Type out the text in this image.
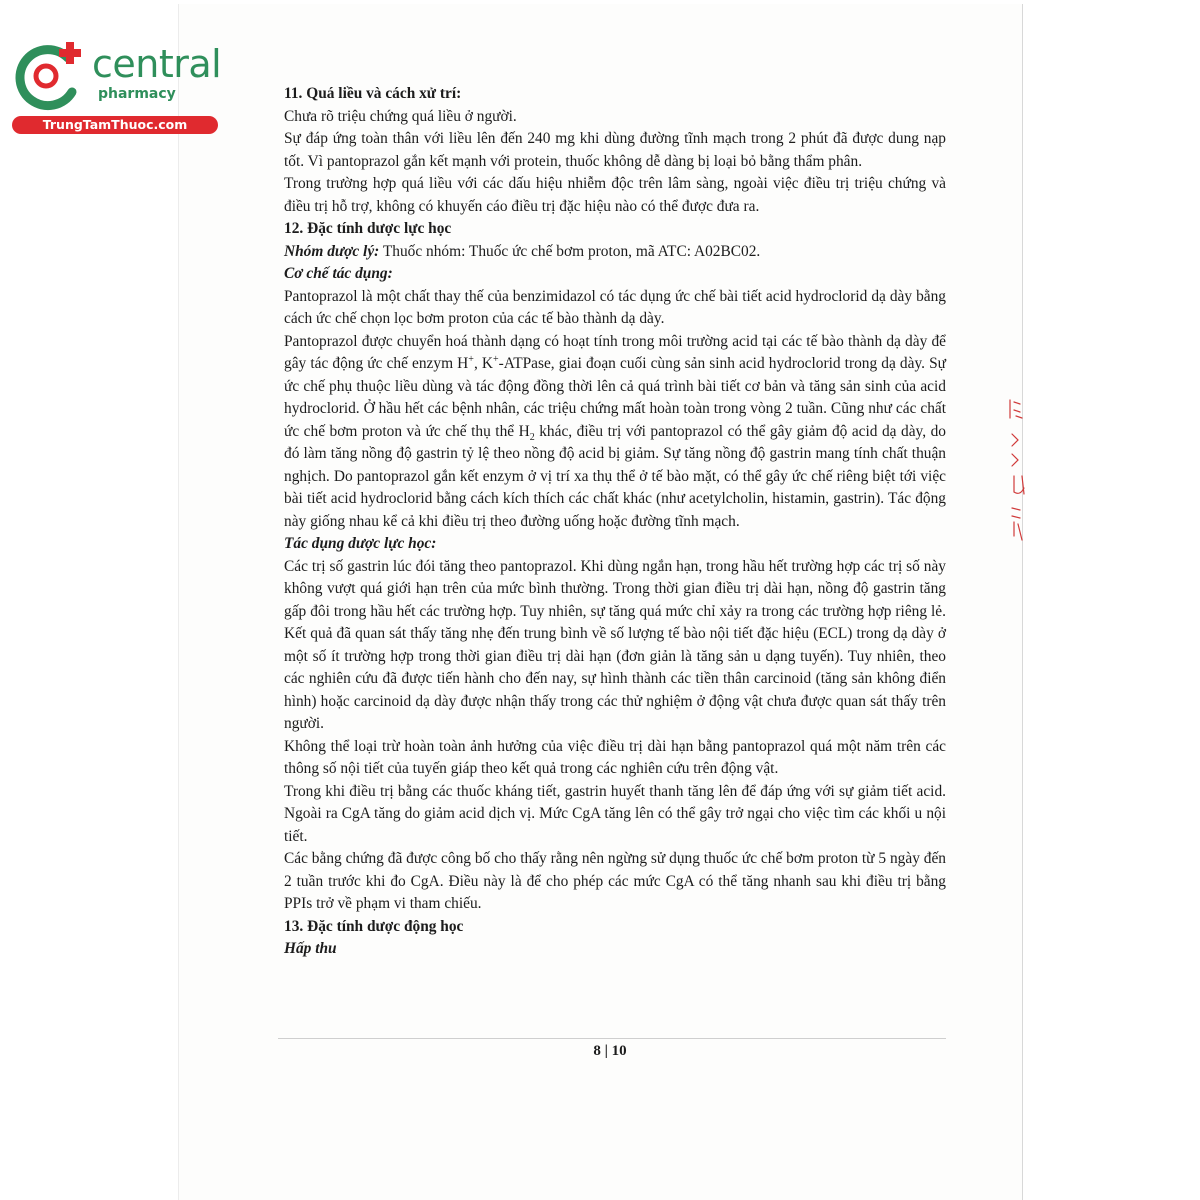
central
pharmacy
TrungTamThuoc.com
11. Quá liều và cách xử trí:

Chưa rõ triệu chứng quá liều ở người.

Sự đáp ứng toàn thân với liều lên đến 240 mg khi dùng đường tĩnh mạch trong 2 phút đã được dung nạp tốt. Vì pantoprazol gắn kết mạnh với protein, thuốc không dễ dàng bị loại bỏ bằng thẩm phân.

Trong trường hợp quá liều với các dấu hiệu nhiễm độc trên lâm sàng, ngoài việc điều trị triệu chứng và điều trị hỗ trợ, không có khuyến cáo điều trị đặc hiệu nào có thể được đưa ra.

12. Đặc tính dược lực học

Nhóm dược lý: Thuốc nhóm: Thuốc ức chế bơm proton, mã ATC: A02BC02.

Cơ chế tác dụng:

Pantoprazol là một chất thay thế của benzimidazol có tác dụng ức chế bài tiết acid hydroclorid dạ dày bằng cách ức chế chọn lọc bơm proton của các tế bào thành dạ dày.

Pantoprazol được chuyển hoá thành dạng có hoạt tính trong môi trường acid tại các tế bào thành dạ dày để gây tác động ức chế enzym H+, K+-ATPase, giai đoạn cuối cùng sản sinh acid hydroclorid trong dạ dày. Sự ức chế phụ thuộc liều dùng và tác động đồng thời lên cả quá trình bài tiết cơ bản và tăng sản sinh của acid hydroclorid. Ở hầu hết các bệnh nhân, các triệu chứng mất hoàn toàn trong vòng 2 tuần. Cũng như các chất ức chế bơm proton và ức chế thụ thể $H_2$ khác, điều trị với pantoprazol có thể gây giảm độ acid dạ dày, do đó làm tăng nồng độ gastrin tỷ lệ theo nồng độ acid bị giảm. Sự tăng nồng độ gastrin mang tính chất thuận nghịch. Do pantoprazol gắn kết enzym ở vị trí xa thụ thể ở tế bào mặt, có thể gây ức chế riêng biệt tới việc bài tiết acid hydroclorid bằng cách kích thích các chất khác (như acetylcholin, histamin, gastrin). Tác động này giống nhau kể cả khi điều trị theo đường uống hoặc đường tĩnh mạch.

Tác dụng dược lực học:

Các trị số gastrin lúc đói tăng theo pantoprazol. Khi dùng ngắn hạn, trong hầu hết trường hợp các trị số này không vượt quá giới hạn trên của mức bình thường. Trong thời gian điều trị dài hạn, nồng độ gastrin tăng gấp đôi trong hầu hết các trường hợp. Tuy nhiên, sự tăng quá mức chỉ xảy ra trong các trường hợp riêng lẻ. Kết quả đã quan sát thấy tăng nhẹ đến trung bình về số lượng tế bào nội tiết đặc hiệu (ECL) trong dạ dày ở một số ít trường hợp trong thời gian điều trị dài hạn (đơn giản là tăng sản u dạng tuyến). Tuy nhiên, theo các nghiên cứu đã được tiến hành cho đến nay, sự hình thành các tiền thân carcinoid (tăng sản không điển hình) hoặc carcinoid dạ dày được nhận thấy trong các thử nghiệm ở động vật chưa được quan sát thấy trên người.

Không thể loại trừ hoàn toàn ảnh hưởng của việc điều trị dài hạn bằng pantoprazol quá một năm trên các thông số nội tiết của tuyến giáp theo kết quả trong các nghiên cứu trên động vật.

Trong khi điều trị bằng các thuốc kháng tiết, gastrin huyết thanh tăng lên để đáp ứng với sự giảm tiết acid. Ngoài ra CgA tăng do giảm acid dịch vị. Mức CgA tăng lên có thể gây trở ngại cho việc tìm các khối u nội tiết.

Các bằng chứng đã được công bố cho thấy rằng nên ngừng sử dụng thuốc ức chế bơm proton từ 5 ngày đến 2 tuần trước khi đo CgA. Điều này là để cho phép các mức CgA có thể tăng nhanh sau khi điều trị bằng PPIs trở về phạm vi tham chiếu.

13. Đặc tính dược động học

Hấp thu

8 | 10
